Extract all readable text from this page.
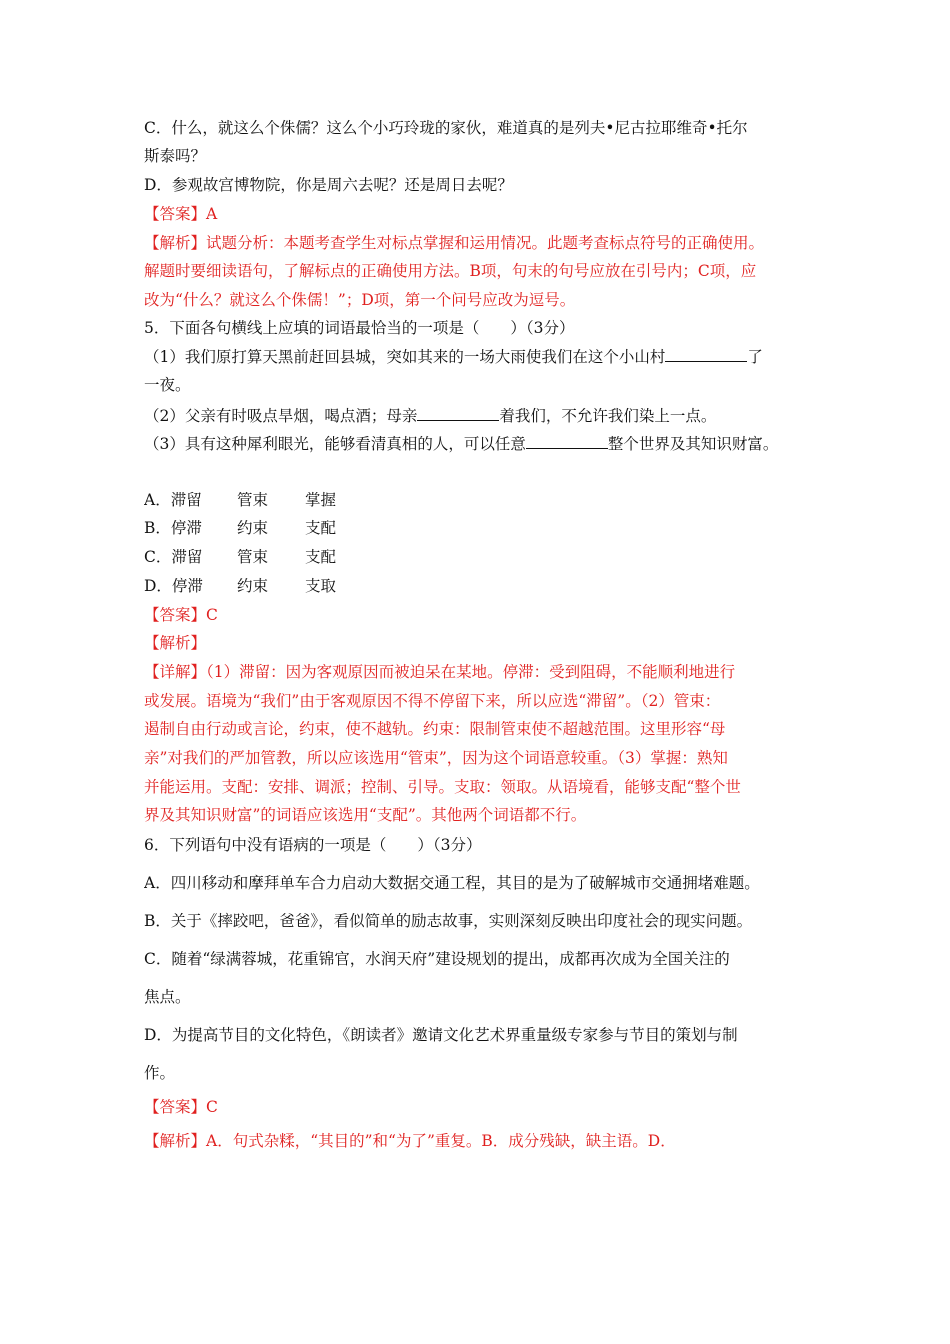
C．什么，就这么个侏儒？这么个小巧玲珑的家伙，难道真的是列夫•尼古拉耶维奇•托尔
斯泰吗？
D．参观故宫博物院，你是周六去呢？还是周日去呢？
【答案】A
【解析】试题分析：本题考查学生对标点掌握和运用情况。此题考查标点符号的正确使用。
解题时要细读语句，了解标点的正确使用方法。B项，句末的句号应放在引号内；C项，应
改为“什么？就这么个侏儒！”；D项，第一个问号应改为逗号。
5．下面各句横线上应填的词语最恰当的一项是（　　）（3分）
（1）我们原打算天黑前赶回县城，突如其来的一场大雨使我们在这个小山村	了
一夜。
（2）父亲有时吸点旱烟，喝点酒；母亲	着我们，不允许我们染上一点。
（3）具有这种犀利眼光，能够看清真相的人，可以任意	整个世界及其知识财富。
A．滞留 管束 掌握
B．停滞 约束 支配
C．滞留 管束 支配
D．停滞 约束 支取
【答案】C
【解析】
【详解】（1）滞留：因为客观原因而被迫呆在某地。停滞：受到阻碍，不能顺利地进行
或发展。语境为“我们”由于客观原因不得不停留下来，所以应选“滞留”。（2）管束：
遏制自由行动或言论，约束，使不越轨。约束：限制管束使不超越范围。这里形容“母
亲”对我们的严加管教，所以应该选用“管束”，因为这个词语意较重。（3）掌握：熟知
并能运用。支配：安排、调派；控制、引导。支取：领取。从语境看，能够支配“整个世
界及其知识财富”的词语应该选用“支配”。其他两个词语都不行。
6．下列语句中没有语病的一项是（　　）（3分）
A．四川移动和摩拜单车合力启动大数据交通工程，其目的是为了破解城市交通拥堵难题。
B．关于《摔跤吧，爸爸》，看似简单的励志故事，实则深刻反映出印度社会的现实问题。
C．随着“绿满蓉城，花重锦官，水润天府”建设规划的提出，成都再次成为全国关注的
焦点。
D．为提高节目的文化特色，《朗读者》邀请文化艺术界重量级专家参与节目的策划与制
作。
【答案】C
【解析】A．句式杂糅，“其目的”和“为了”重复。B．成分残缺，缺主语。D．
